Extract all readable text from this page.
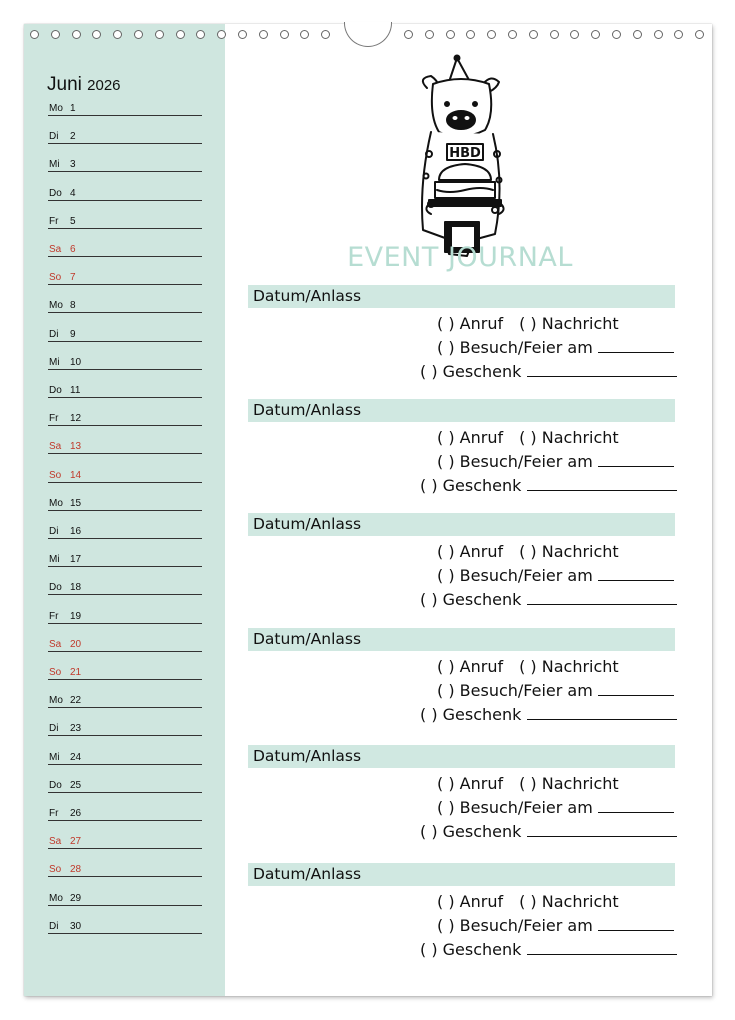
Juni 2026
Mo 1
Di 2
Mi 3
Do 4
Fr 5
Sa 6
So 7
Mo 8
Di 9
Mi 10
Do 11
Fr 12
Sa 13
So 14
Mo 15
Di 16
Mi 17
Do 18
Fr 19
Sa 20
So 21
Mo 22
Di 23
Mi 24
Do 25
Fr 26
Sa 27
So 28
Mo 29
Di 30
HBD
EVENT JOURNAL
Datum/Anlass
( ) Anruf ( ) Nachricht
( ) Besuch/Feier am
( ) Geschenk
Datum/Anlass
( ) Anruf ( ) Nachricht
( ) Besuch/Feier am
( ) Geschenk
Datum/Anlass
( ) Anruf ( ) Nachricht
( ) Besuch/Feier am
( ) Geschenk
Datum/Anlass
( ) Anruf ( ) Nachricht
( ) Besuch/Feier am
( ) Geschenk
Datum/Anlass
( ) Anruf ( ) Nachricht
( ) Besuch/Feier am
( ) Geschenk
Datum/Anlass
( ) Anruf ( ) Nachricht
( ) Besuch/Feier am
( ) Geschenk
